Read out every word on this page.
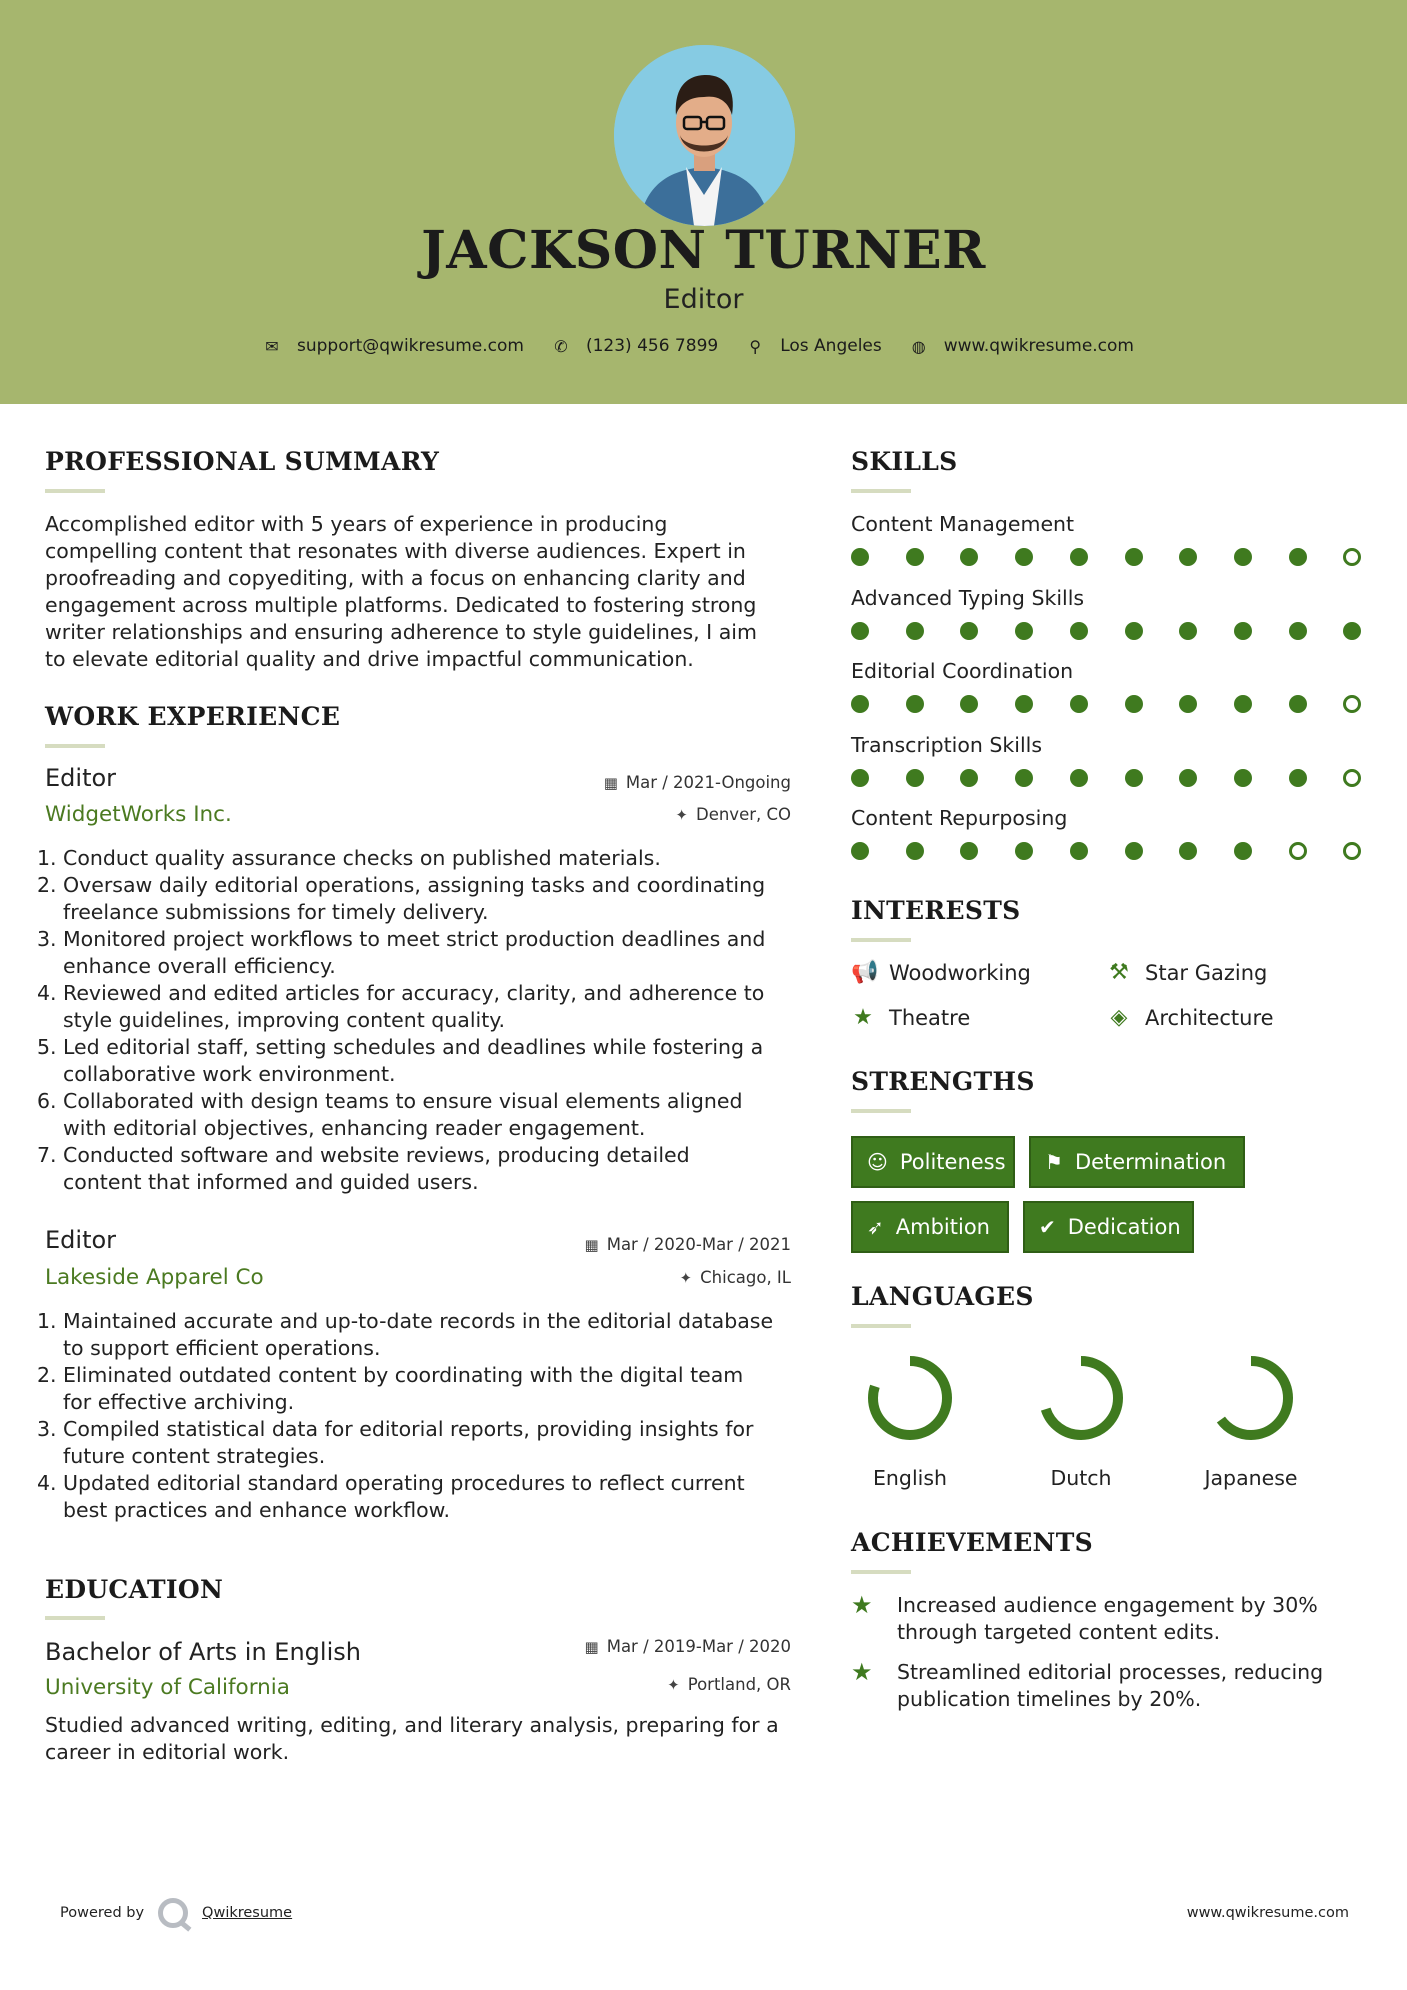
JACKSON TURNER
Editor
✉ support@qwikresume.com ✆ (123) 456 7899 ⚲ Los Angeles ◍ www.qwikresume.com
PROFESSIONAL SUMMARY
Accomplished editor with 5 years of experience in producing
compelling content that resonates with diverse audiences. Expert in
proofreading and copyediting, with a focus on enhancing clarity and
engagement across multiple platforms. Dedicated to fostering strong
writer relationships and ensuring adherence to style guidelines, I aim
to elevate editorial quality and drive impactful communication.
WORK EXPERIENCE
Editor	▦ Mar / 2021-Ongoing
WidgetWorks Inc.	✦ Denver, CO
1. Conduct quality assurance checks on published materials.
2. Oversaw daily editorial operations, assigning tasks and coordinating
freelance submissions for timely delivery.
3. Monitored project workflows to meet strict production deadlines and
enhance overall efficiency.
4. Reviewed and edited articles for accuracy, clarity, and adherence to
style guidelines, improving content quality.
5. Led editorial staff, setting schedules and deadlines while fostering a
collaborative work environment.
6. Collaborated with design teams to ensure visual elements aligned
with editorial objectives, enhancing reader engagement.
7. Conducted software and website reviews, producing detailed
content that informed and guided users.
Editor	▦ Mar / 2020-Mar / 2021
Lakeside Apparel Co	✦ Chicago, IL
1. Maintained accurate and up-to-date records in the editorial database
to support efficient operations.
2. Eliminated outdated content by coordinating with the digital team
for effective archiving.
3. Compiled statistical data for editorial reports, providing insights for
future content strategies.
4. Updated editorial standard operating procedures to reflect current
best practices and enhance workflow.
EDUCATION
Bachelor of Arts in English	▦ Mar / 2019-Mar / 2020
University of California	✦ Portland, OR
Studied advanced writing, editing, and literary analysis, preparing for a
career in editorial work.
SKILLS
Content Management
Advanced Typing Skills
Editorial Coordination
Transcription Skills
Content Repurposing
INTERESTS
📢 Woodworking	⚒ Star Gazing
★ Theatre	◈ Architecture
STRENGTHS
☺ Politeness ⚑ Determination
➶ Ambition ✔ Dedication
LANGUAGES
English	Dutch	Japanese
ACHIEVEMENTS
★	Increased audience engagement by 30%
through targeted content edits.
★	Streamlined editorial processes, reducing
publication timelines by 20%.
Powered by	Qwikresume	www.qwikresume.com
